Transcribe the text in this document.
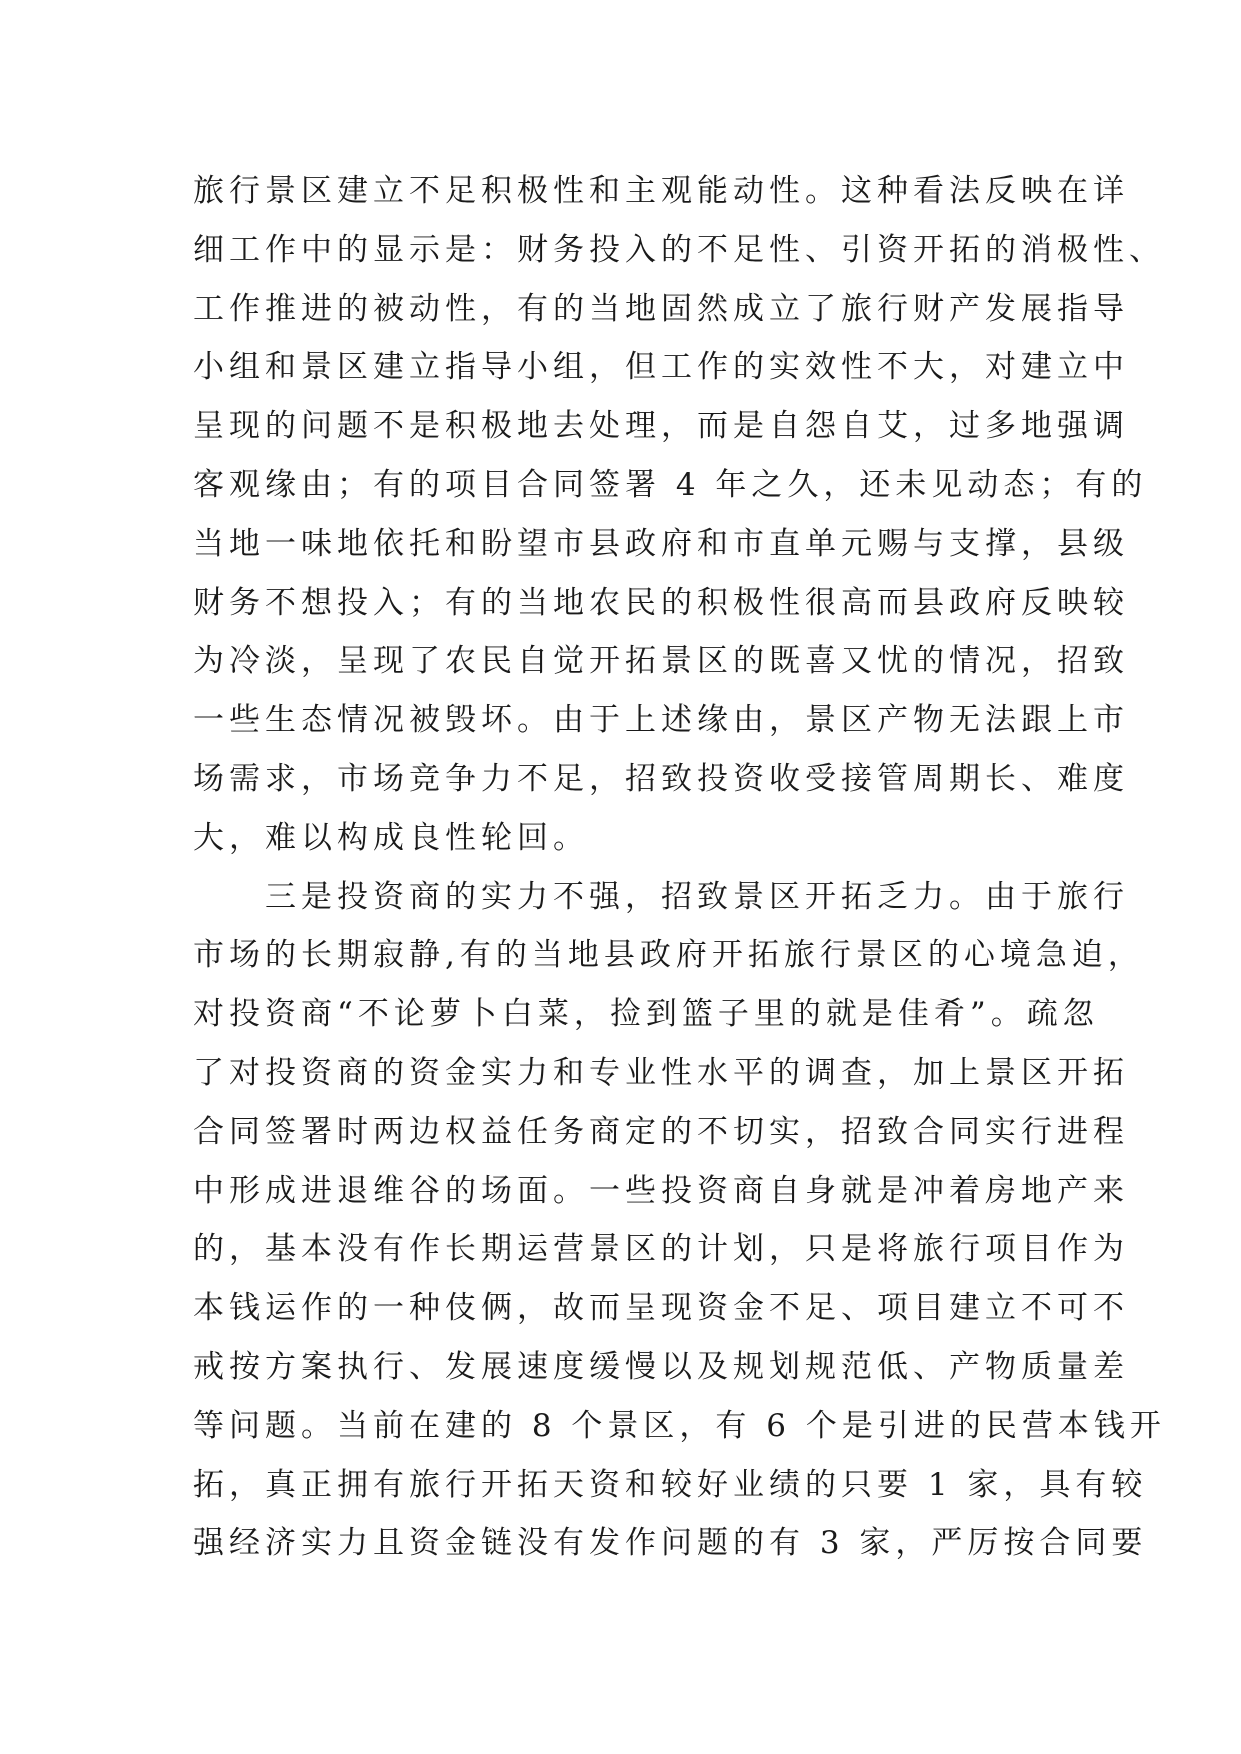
旅行景区建立不足积极性和主观能动性。这种看法反映在详
细工作中的显示是：财务投入的不足性、引资开拓的消极性、
工作推进的被动性，有的当地固然成立了旅行财产发展指导
小组和景区建立指导小组，但工作的实效性不大，对建立中
呈现的问题不是积极地去处理，而是自怨自艾，过多地强调
客观缘由；有的项目合同签署 4 年之久，还未见动态；有的
当地一味地依托和盼望市县政府和市直单元赐与支撑，县级
财务不想投入；有的当地农民的积极性很高而县政府反映较
为冷淡，呈现了农民自觉开拓景区的既喜又忧的情况，招致
一些生态情况被毁坏。由于上述缘由，景区产物无法跟上市
场需求，市场竞争力不足，招致投资收受接管周期长、难度
大，难以构成良性轮回。
　　三是投资商的实力不强，招致景区开拓乏力。由于旅行
市场的长期寂静,有的当地县政府开拓旅行景区的心境急迫，
对投资商“不论萝卜白菜，捡到篮子里的就是佳肴”。疏忽
了对投资商的资金实力和专业性水平的调查，加上景区开拓
合同签署时两边权益任务商定的不切实，招致合同实行进程
中形成进退维谷的场面。一些投资商自身就是冲着房地产来
的，基本没有作长期运营景区的计划，只是将旅行项目作为
本钱运作的一种伎俩，故而呈现资金不足、项目建立不可不
戒按方案执行、发展速度缓慢以及规划规范低、产物质量差
等问题。当前在建的 8 个景区，有 6 个是引进的民营本钱开
拓，真正拥有旅行开拓天资和较好业绩的只要 1 家，具有较
强经济实力且资金链没有发作问题的有 3 家，严厉按合同要
